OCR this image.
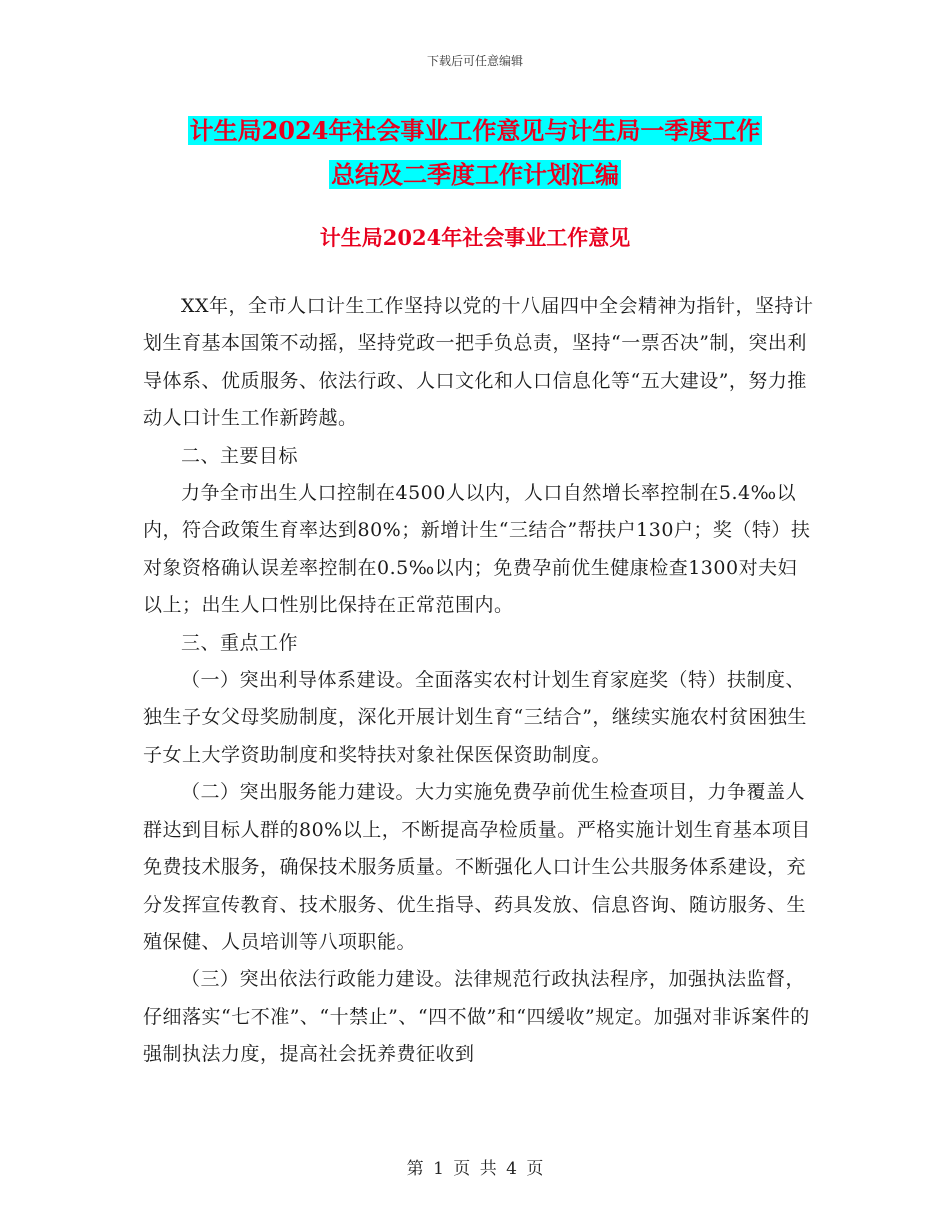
下载后可任意编辑
计生局2024年社会事业工作意见与计生局一季度工作
总结及二季度工作计划汇编
计生局2024年社会事业工作意见

XX年，全市人口计生工作坚持以党的十八届四中全会精神为指针，坚持计划生育基本国策不动摇，坚持党政一把手负总责，坚持“一票否决”制，突出利导体系、优质服务、依法行政、人口文化和人口信息化等“五大建设”，努力推动人口计生工作新跨越。

二、主要目标

力争全市出生人口控制在4500人以内，人口自然增长率控制在5.4‰以内，符合政策生育率达到80%；新增计生“三结合”帮扶户130户；奖（特）扶对象资格确认误差率控制在0.5‰以内；免费孕前优生健康检查1300对夫妇以上；出生人口性别比保持在正常范围内。

三、重点工作

（一）突出利导体系建设。全面落实农村计划生育家庭奖（特）扶制度、独生子女父母奖励制度，深化开展计划生育“三结合”，继续实施农村贫困独生子女上大学资助制度和奖特扶对象社保医保资助制度。

（二）突出服务能力建设。大力实施免费孕前优生检查项目，力争覆盖人群达到目标人群的80%以上，不断提高孕检质量。严格实施计划生育基本项目免费技术服务，确保技术服务质量。不断强化人口计生公共服务体系建设，充分发挥宣传教育、技术服务、优生指导、药具发放、信息咨询、随访服务、生殖保健、人员培训等八项职能。

（三）突出依法行政能力建设。法律规范行政执法程序，加强执法监督，仔细落实“七不准”、“十禁止”、“四不做”和“四缓收”规定。加强对非诉案件的强制执法力度，提高社会抚养费征收到

第 1 页 共 4 页
